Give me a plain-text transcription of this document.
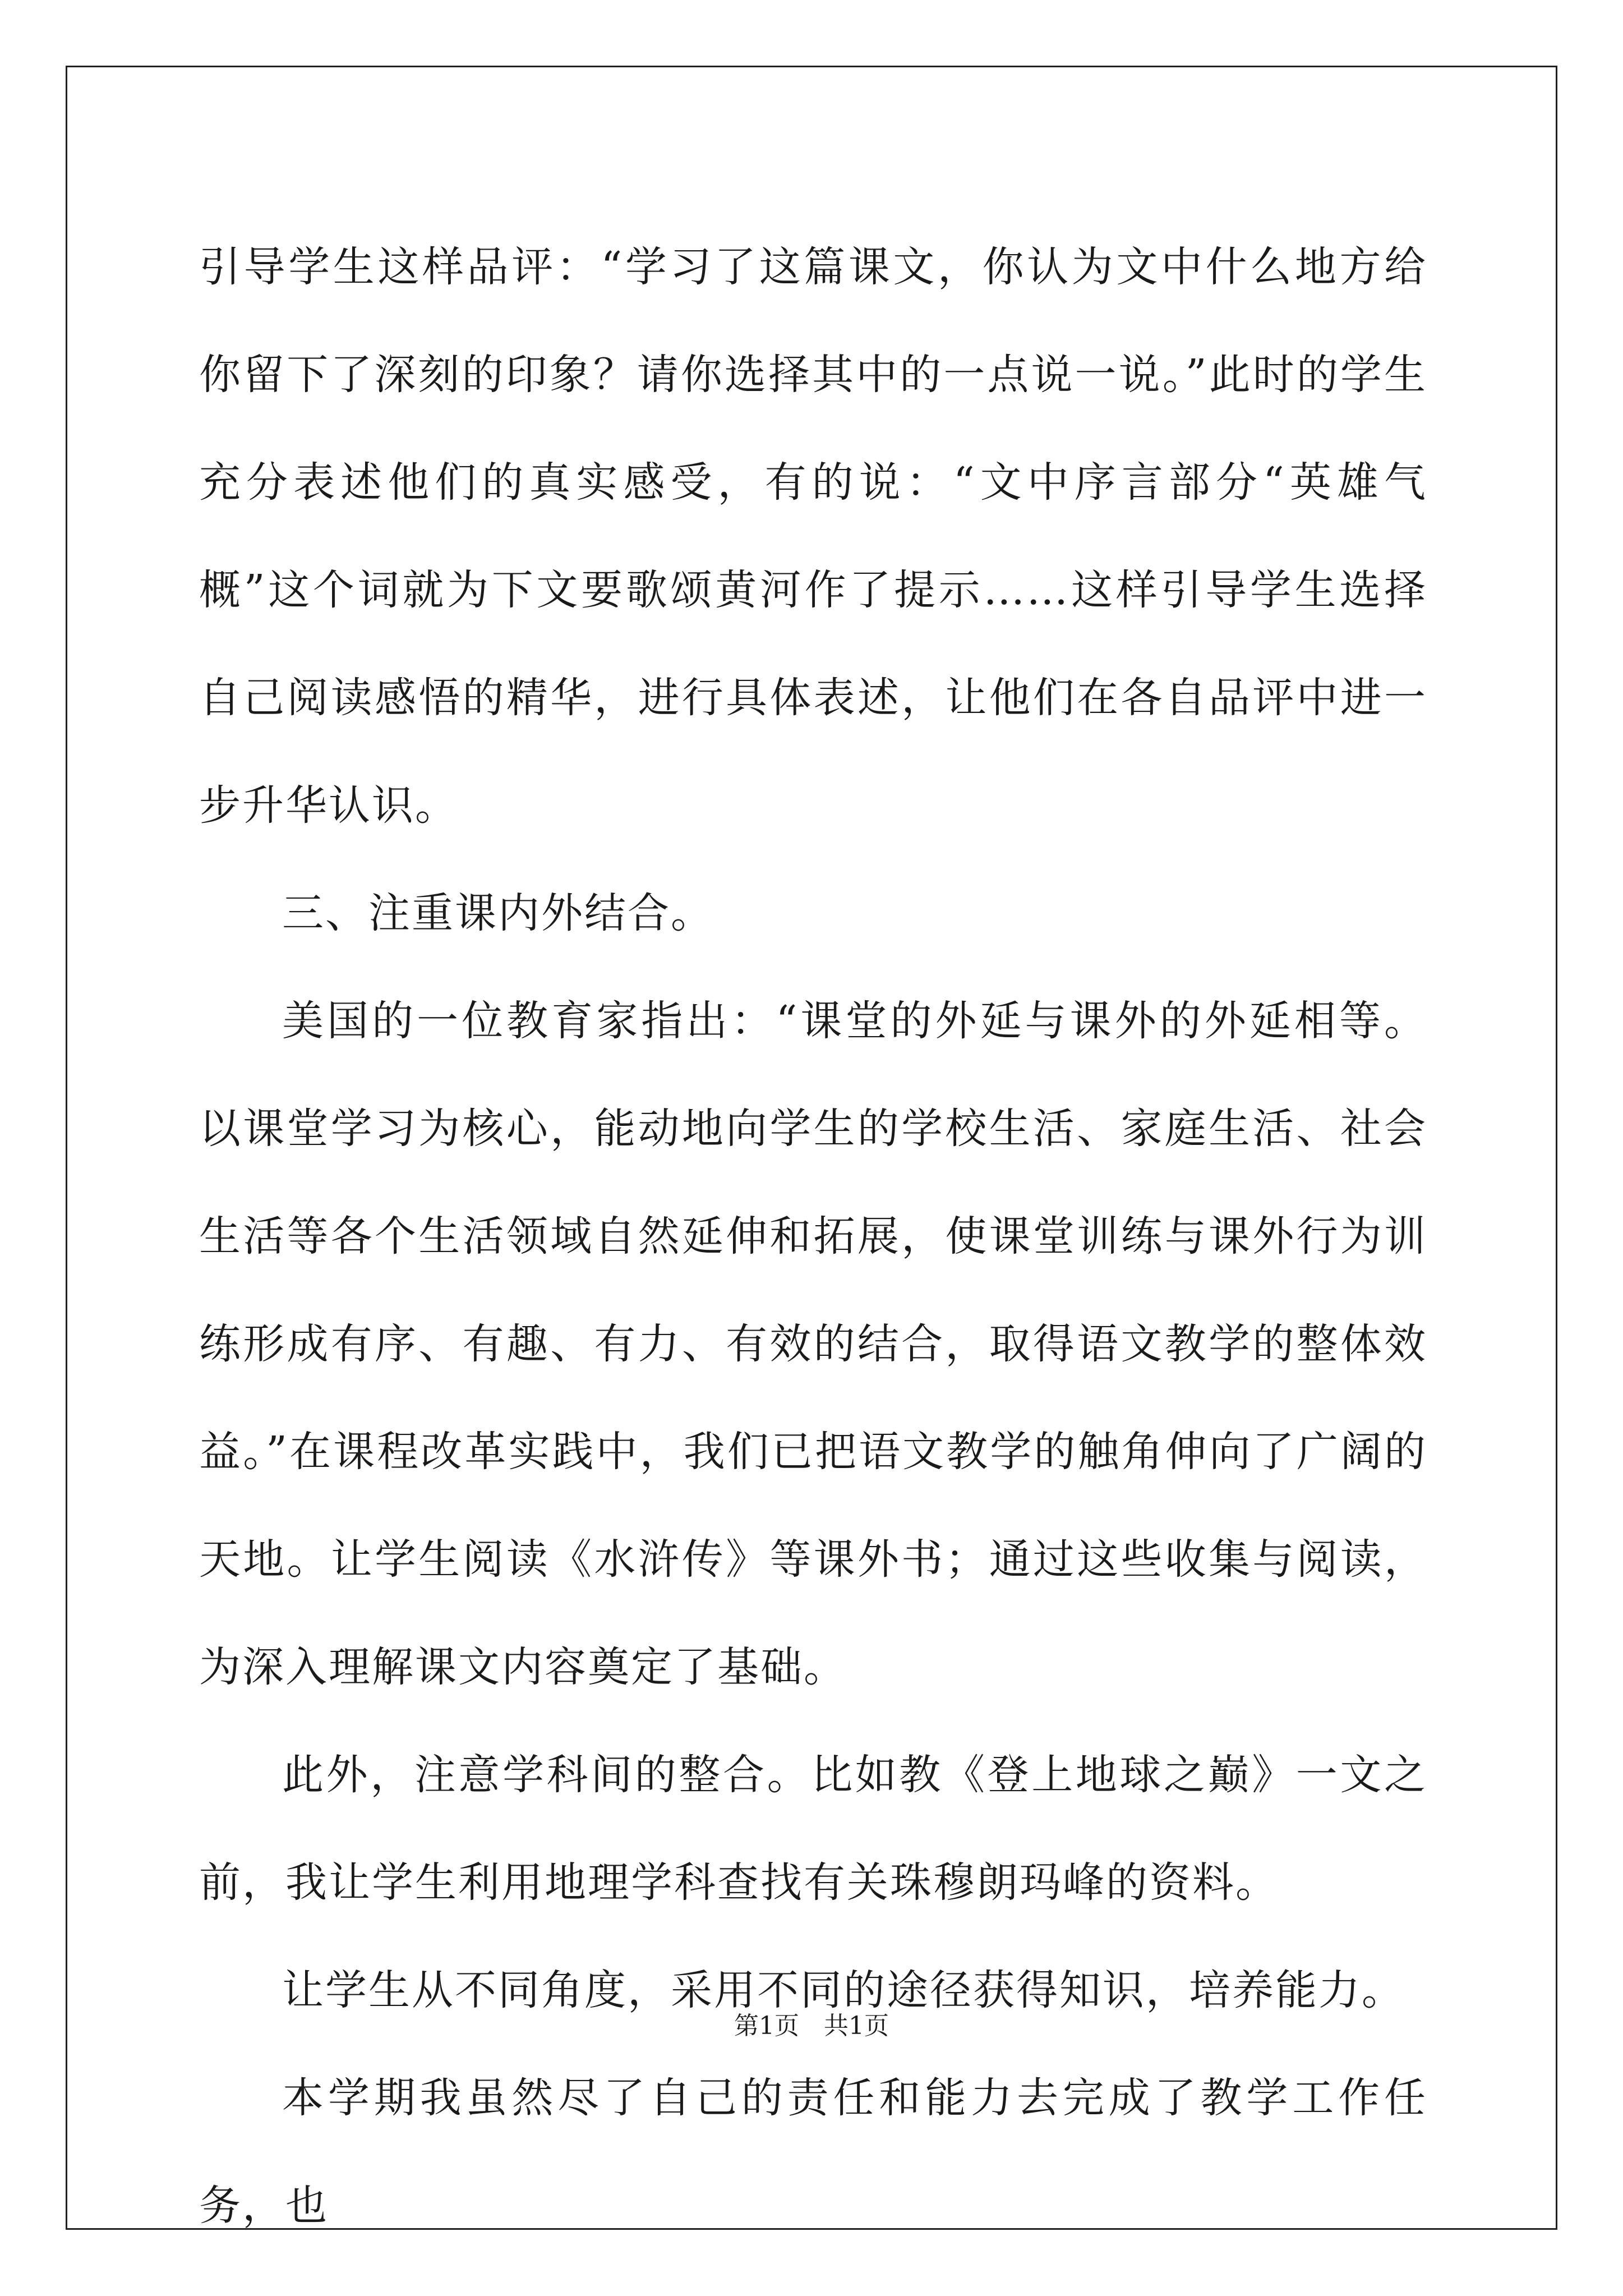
引导学生这样品评：“学习了这篇课文，你认为文中什么地方给你留下了深刻的印象？请你选择其中的一点说一说。”此时的学生充分表述他们的真实感受，有的说：“文中序言部分“英雄气概”这个词就为下文要歌颂黄河作了提示……这样引导学生选择自己阅读感悟的精华，进行具体表述，让他们在各自品评中进一步升华认识。

三、注重课内外结合。

美国的一位教育家指出：“课堂的外延与课外的外延相等。以课堂学习为核心，能动地向学生的学校生活、家庭生活、社会生活等各个生活领域自然延伸和拓展，使课堂训练与课外行为训练形成有序、有趣、有力、有效的结合，取得语文教学的整体效益。”在课程改革实践中，我们已把语文教学的触角伸向了广阔的天地。让学生阅读《水浒传》等课外书；通过这些收集与阅读，为深入理解课文内容奠定了基础。

此外，注意学科间的整合。比如教《登上地球之巅》一文之前，我让学生利用地理学科查找有关珠穆朗玛峰的资料。

让学生从不同角度，采用不同的途径获得知识，培养能力。

本学期我虽然尽了自己的责任和能力去完成了教学工作任务，也

第1页　共1页
